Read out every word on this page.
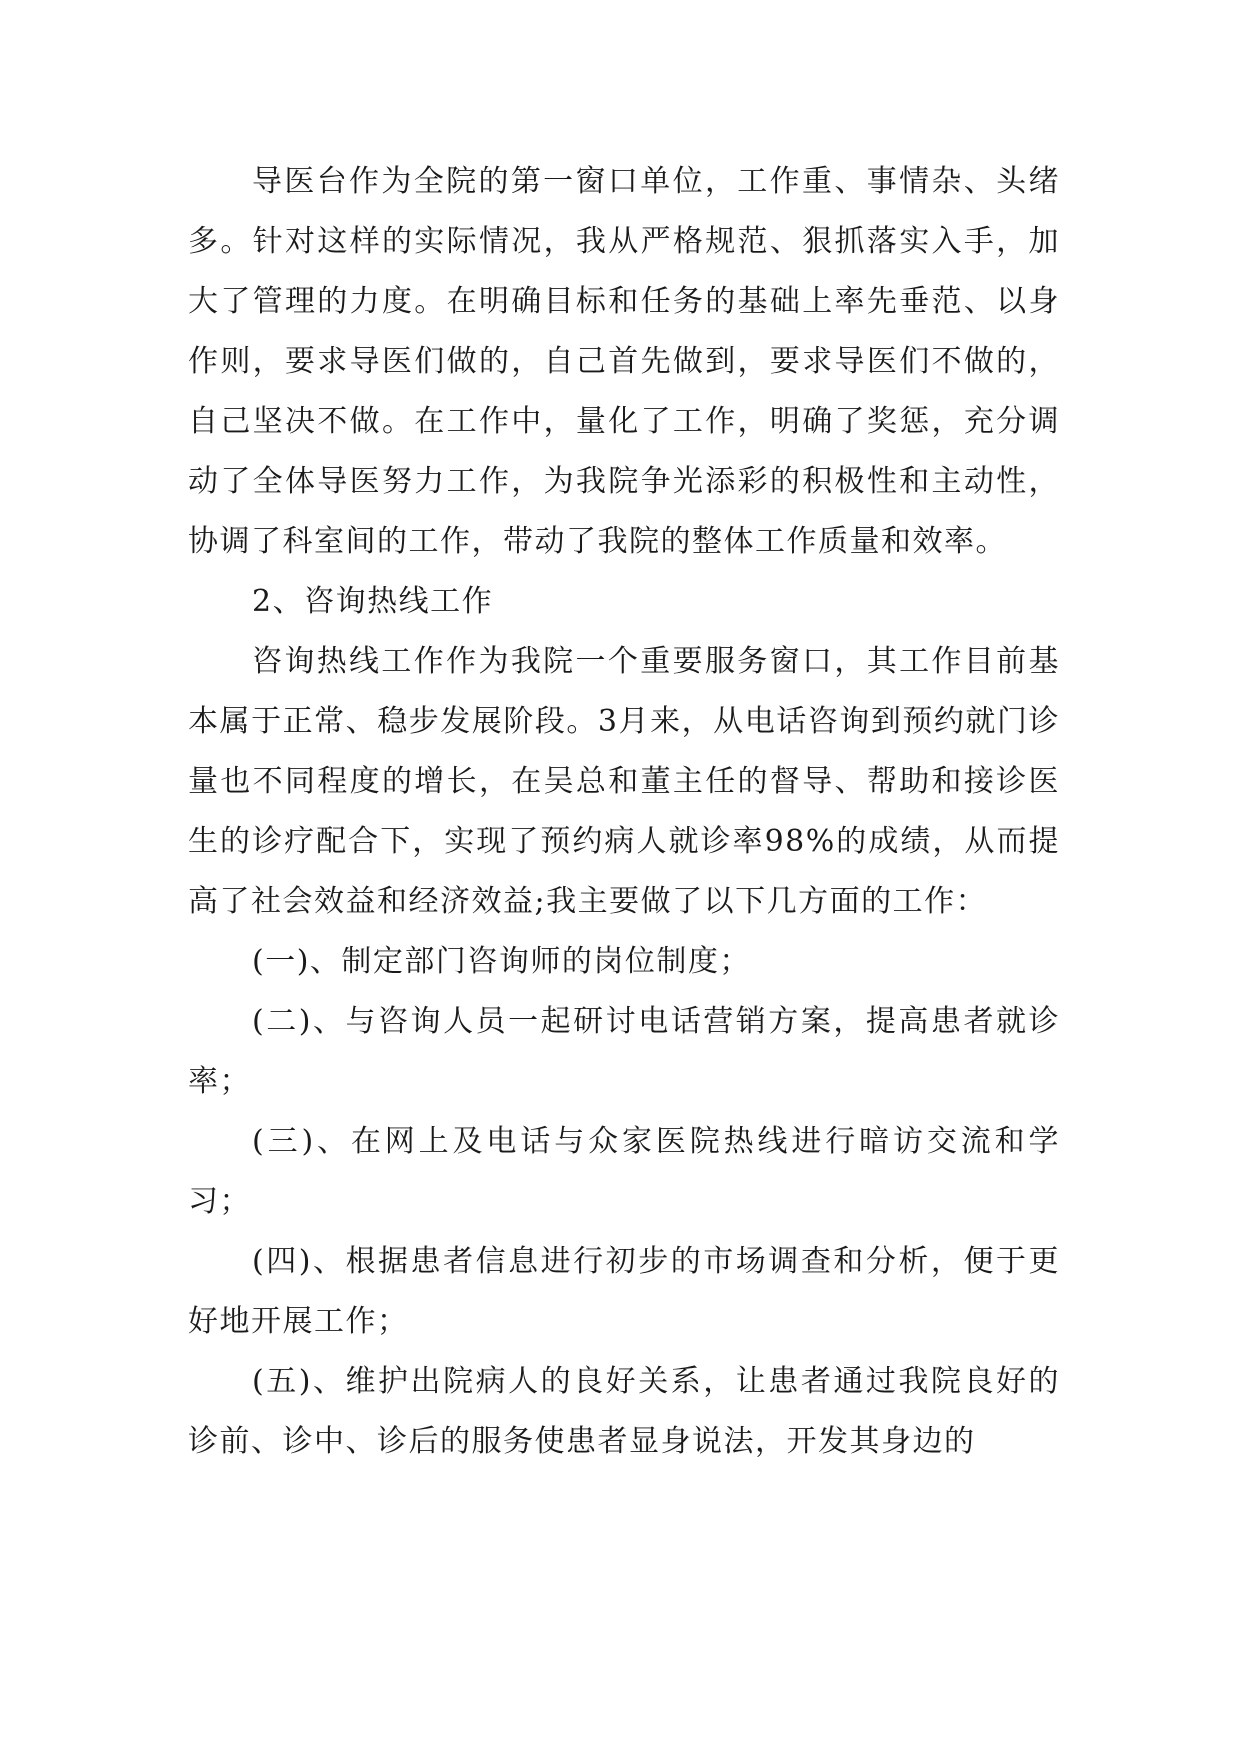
导医台作为全院的第一窗口单位，工作重、事情杂、头绪多。针对这样的实际情况，我从严格规范、狠抓落实入手，加大了管理的力度。在明确目标和任务的基础上率先垂范、以身作则，要求导医们做的，自己首先做到，要求导医们不做的，自己坚决不做。在工作中，量化了工作，明确了奖惩，充分调动了全体导医努力工作，为我院争光添彩的积极性和主动性，协调了科室间的工作，带动了我院的整体工作质量和效率。

2、咨询热线工作

咨询热线工作作为我院一个重要服务窗口，其工作目前基本属于正常、稳步发展阶段。3月来，从电话咨询到预约就门诊量也不同程度的增长，在吴总和董主任的督导、帮助和接诊医生的诊疗配合下，实现了预约病人就诊率98%的成绩，从而提高了社会效益和经济效益;我主要做了以下几方面的工作：

(一)、制定部门咨询师的岗位制度；

(二)、与咨询人员一起研讨电话营销方案，提高患者就诊率；

(三)、在网上及电话与众家医院热线进行暗访交流和学习；

(四)、根据患者信息进行初步的市场调查和分析，便于更好地开展工作；

(五)、维护出院病人的良好关系，让患者通过我院良好的诊前、诊中、诊后的服务使患者显身说法，开发其身边的
